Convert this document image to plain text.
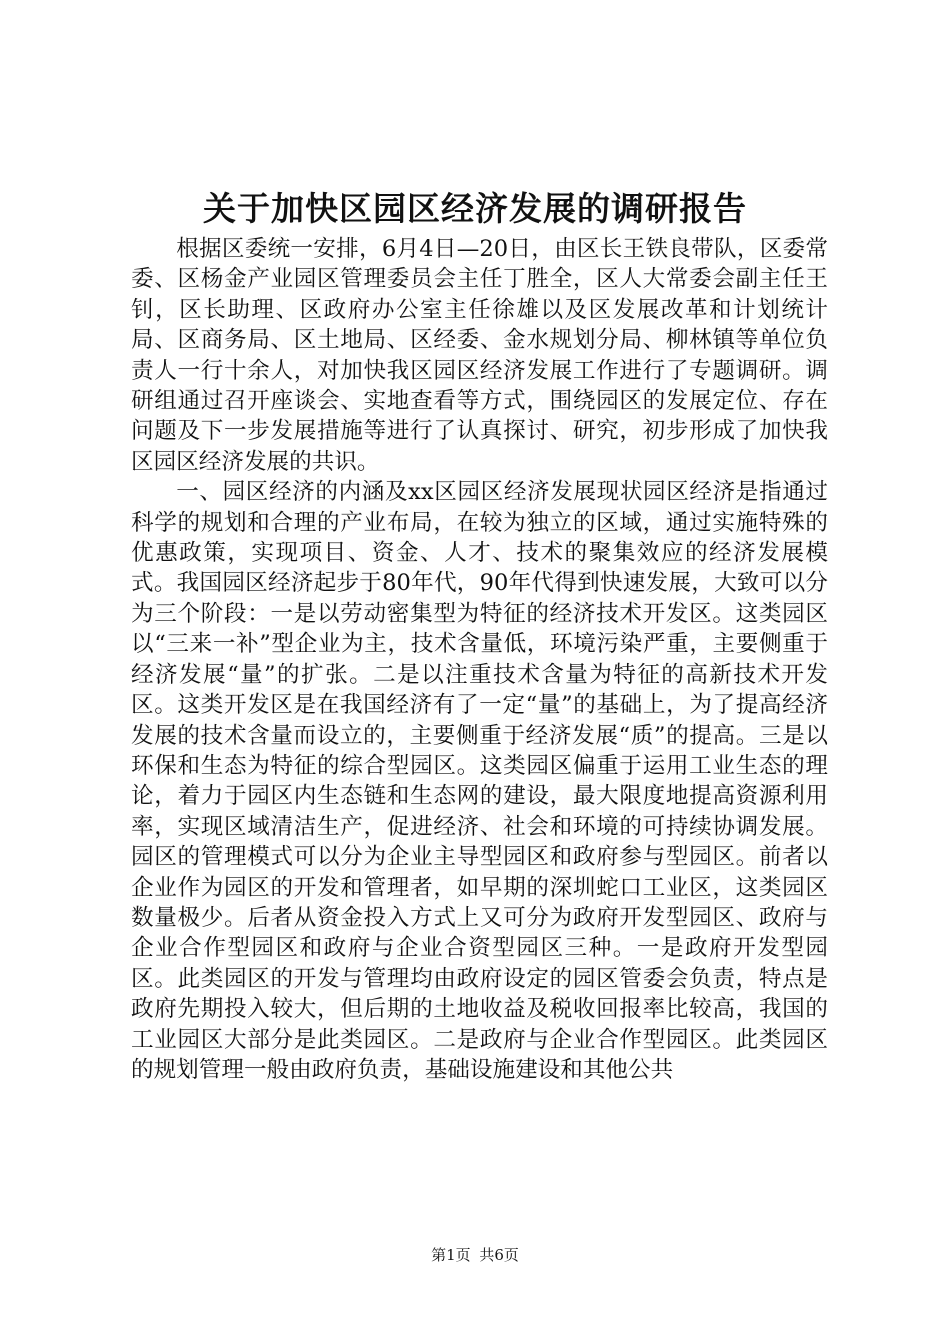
关于加快区园区经济发展的调研报告

根据区委统一安排，6月4日—20日，由区长王铁良带队，区委常委、区杨金产业园区管理委员会主任丁胜全，区人大常委会副主任王钊，区长助理、区政府办公室主任徐雄以及区发展改革和计划统计局、区商务局、区土地局、区经委、金水规划分局、柳林镇等单位负责人一行十余人，对加快我区园区经济发展工作进行了专题调研。调研组通过召开座谈会、实地查看等方式，围绕园区的发展定位、存在问题及下一步发展措施等进行了认真探讨、研究，初步形成了加快我区园区经济发展的共识。

一、园区经济的内涵及xx区园区经济发展现状园区经济是指通过科学的规划和合理的产业布局，在较为独立的区域，通过实施特殊的优惠政策，实现项目、资金、人才、技术的聚集效应的经济发展模式。我国园区经济起步于80年代，90年代得到快速发展，大致可以分为三个阶段：一是以劳动密集型为特征的经济技术开发区。这类园区以“三来一补”型企业为主，技术含量低，环境污染严重，主要侧重于经济发展“量”的扩张。二是以注重技术含量为特征的高新技术开发区。这类开发区是在我国经济有了一定“量”的基础上，为了提高经济发展的技术含量而设立的，主要侧重于经济发展“质”的提高。三是以环保和生态为特征的综合型园区。这类园区偏重于运用工业生态的理论，着力于园区内生态链和生态网的建设，最大限度地提高资源利用率，实现区域清洁生产，促进经济、社会和环境的可持续协调发展。园区的管理模式可以分为企业主导型园区和政府参与型园区。前者以企业作为园区的开发和管理者，如早期的深圳蛇口工业区，这类园区数量极少。后者从资金投入方式上又可分为政府开发型园区、政府与企业合作型园区和政府与企业合资型园区三种。一是政府开发型园区。此类园区的开发与管理均由政府设定的园区管委会负责，特点是政府先期投入较大，但后期的土地收益及税收回报率比较高，我国的工业园区大部分是此类园区。二是政府与企业合作型园区。此类园区的规划管理一般由政府负责，基础设施建设和其他公共

第1页 共6页
